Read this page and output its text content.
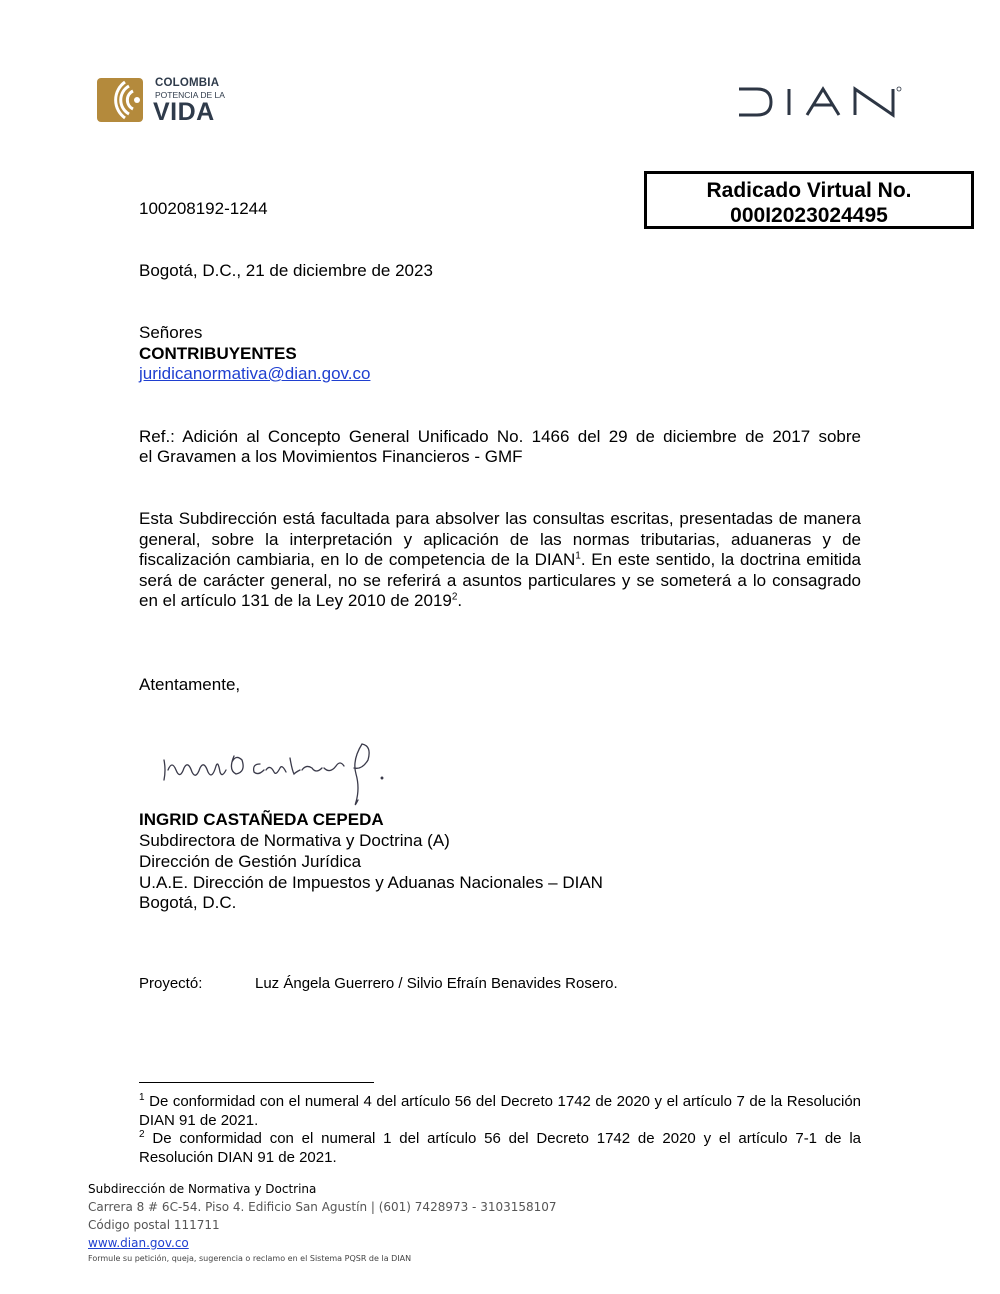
COLOMBIA
POTENCIA DE LA
VIDA
Radicado Virtual No.
000I2023024495
100208192-1244
Bogotá, D.C., 21 de diciembre de 2023
Señores
CONTRIBUYENTES
juridicanormativa@dian.gov.co
Ref.: Adición al Concepto General Unificado No. 1466 del 29 de diciembre de 2017 sobre
el Gravamen a los Movimientos Financieros - GMF
Esta Subdirección está facultada para absolver las consultas escritas, presentadas de manera general, sobre la interpretación y aplicación de las normas tributarias, aduaneras y de fiscalización cambiaria, en lo de competencia de la DIAN$^1$. En este sentido, la doctrina emitida será de carácter general, no se referirá a asuntos particulares y se someterá a lo consagrado en el artículo 131 de la Ley 2010 de 2019$^2$.
Atentamente,
INGRID CASTAÑEDA CEPEDA
Subdirectora de Normativa y Doctrina (A)
Dirección de Gestión Jurídica
U.A.E. Dirección de Impuestos y Aduanas Nacionales – DIAN
Bogotá, D.C.
Proyectó:	Luz Ángela Guerrero / Silvio Efraín Benavides Rosero.
$^1$ De conformidad con el numeral 4 del artículo 56 del Decreto 1742 de 2020 y el artículo 7 de la Resolución DIAN 91 de 2021.
$^2$ De conformidad con el numeral 1 del artículo 56 del Decreto 1742 de 2020 y el artículo 7-1 de la Resolución DIAN 91 de 2021.
Subdirección de Normativa y Doctrina
Carrera 8 # 6C-54. Piso 4. Edificio San Agustín | (601) 7428973 - 3103158107
Código postal 111711
www.dian.gov.co
Formule su petición, queja, sugerencia o reclamo en el Sistema PQSR de la DIAN
